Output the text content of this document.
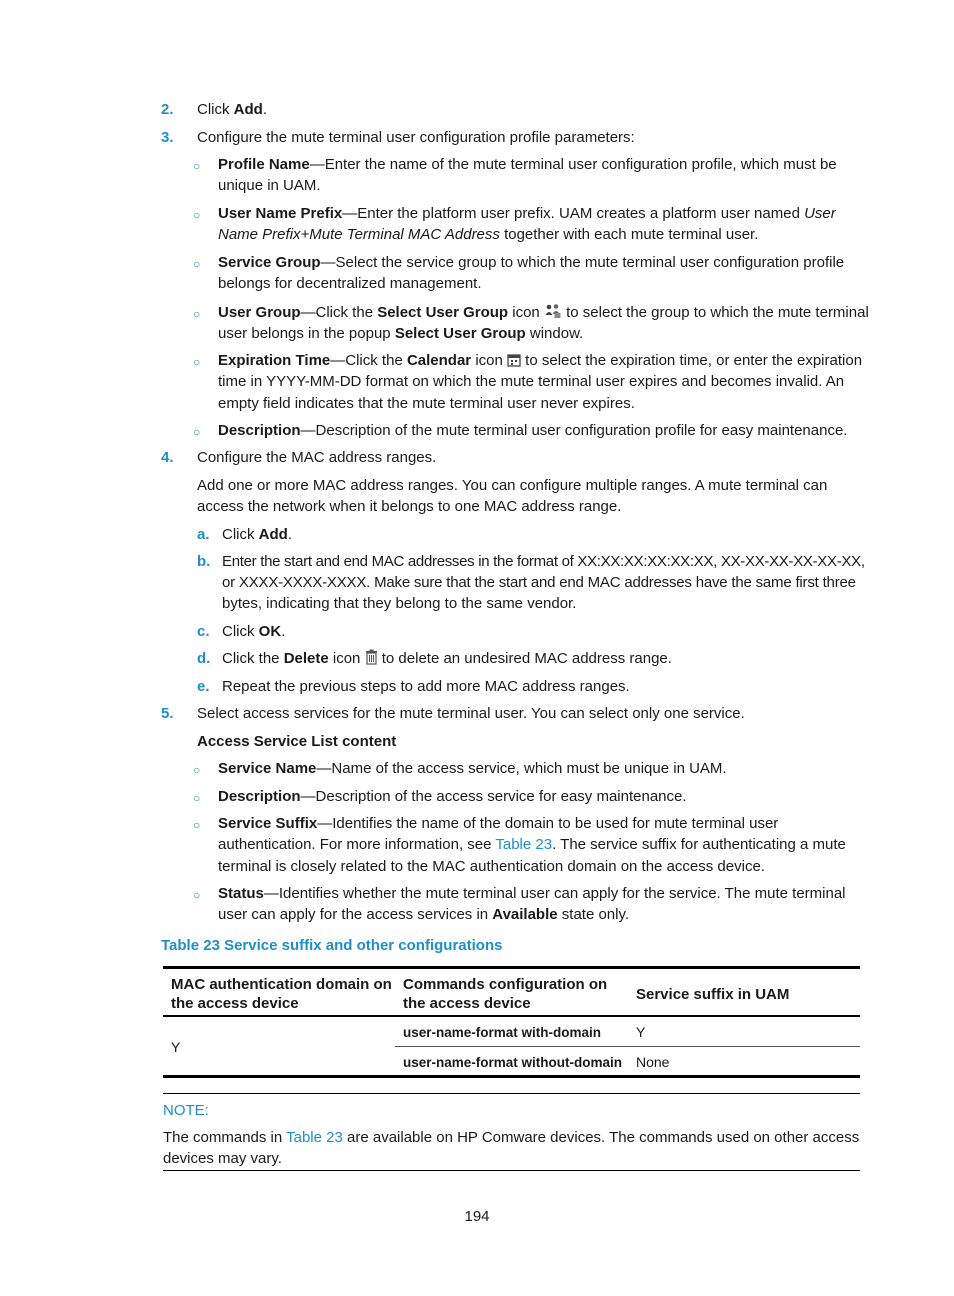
2. Click Add.
3. Configure the mute terminal user configuration profile parameters:
○ Profile Name—Enter the name of the mute terminal user configuration profile, which must be
unique in UAM.
○ User Name Prefix—Enter the platform user prefix. UAM creates a platform user named User
Name Prefix+Mute Terminal MAC Address together with each mute terminal user.
○ Service Group—Select the service group to which the mute terminal user configuration profile
belongs for decentralized management.
○ User Group—Click the Select User Group icon  to select the group to which the mute terminal
user belongs in the popup Select User Group window.
○ Expiration Time—Click the Calendar icon  to select the expiration time, or enter the expiration
time in YYYY-MM-DD format on which the mute terminal user expires and becomes invalid. An
empty field indicates that the mute terminal user never expires.
○ Description—Description of the mute terminal user configuration profile for easy maintenance.
4. Configure the MAC address ranges.
Add one or more MAC address ranges. You can configure multiple ranges. A mute terminal can
access the network when it belongs to one MAC address range.
a. Click Add.
b. Enter the start and end MAC addresses in the format of XX:XX:XX:XX:XX:XX, XX-XX-XX-XX-XX-XX,
or XXXX-XXXX-XXXX. Make sure that the start and end MAC addresses have the same first three
bytes, indicating that they belong to the same vendor.
c. Click OK.
d. Click the Delete icon  to delete an undesired MAC address range.
e. Repeat the previous steps to add more MAC address ranges.
5. Select access services for the mute terminal user. You can select only one service.
Access Service List content
○ Service Name—Name of the access service, which must be unique in UAM.
○ Description—Description of the access service for easy maintenance.
○ Service Suffix—Identifies the name of the domain to be used for mute terminal user
authentication. For more information, see Table 23. The service suffix for authenticating a mute
terminal is closely related to the MAC authentication domain on the access device.
○ Status—Identifies whether the mute terminal user can apply for the service. The mute terminal
user can apply for the access services in Available state only.
Table 23 Service suffix and other configurations
MAC authentication domain on
the access device
Commands configuration on
the access device
Service suffix in UAM
Y
user-name-format with-domain Y
user-name-format without-domain None
NOTE:
The commands in Table 23 are available on HP Comware devices. The commands used on other access
devices may vary.
194
